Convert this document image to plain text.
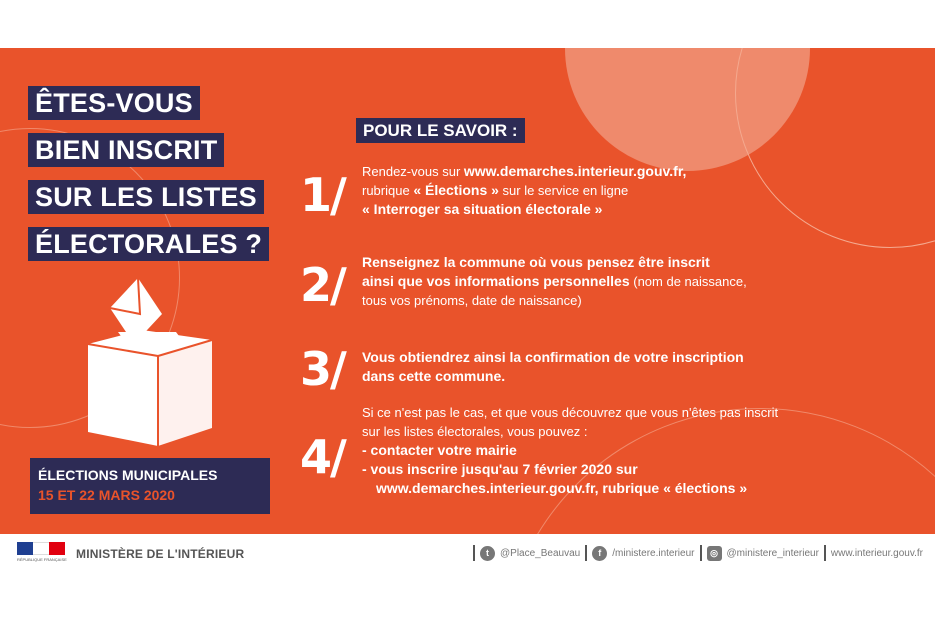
ÊTES-VOUS
BIEN INSCRIT
SUR LES LISTES
ÉLECTORALES ?
ÉLECTIONS MUNICIPALES
15 ET 22 MARS 2020
POUR LE SAVOIR :
1/ Rendez-vous sur www.demarches.interieur.gouv.fr,
rubrique « Élections » sur le service en ligne
« Interroger sa situation électorale »
2/ Renseignez la commune où vous pensez être inscrit
ainsi que vos informations personnelles (nom de naissance,
tous vos prénoms, date de naissance)
3/ Vous obtiendrez ainsi la confirmation de votre inscription
dans cette commune.
4/
Si ce n'est pas le cas, et que vous découvrez que vous n'êtes pas inscrit
sur les listes électorales, vous pouvez :
- contacter votre mairie
- vous inscrire jusqu'au 7 février 2020 sur
www.demarches.interieur.gouv.fr, rubrique « élections »
RÉPUBLIQUE FRANÇAISE MINISTÈRE DE L'INTÉRIEUR	t	@Place_Beauvau	f	/ministere.interieur	◎ @ministere_interieur www.interieur.gouv.fr
